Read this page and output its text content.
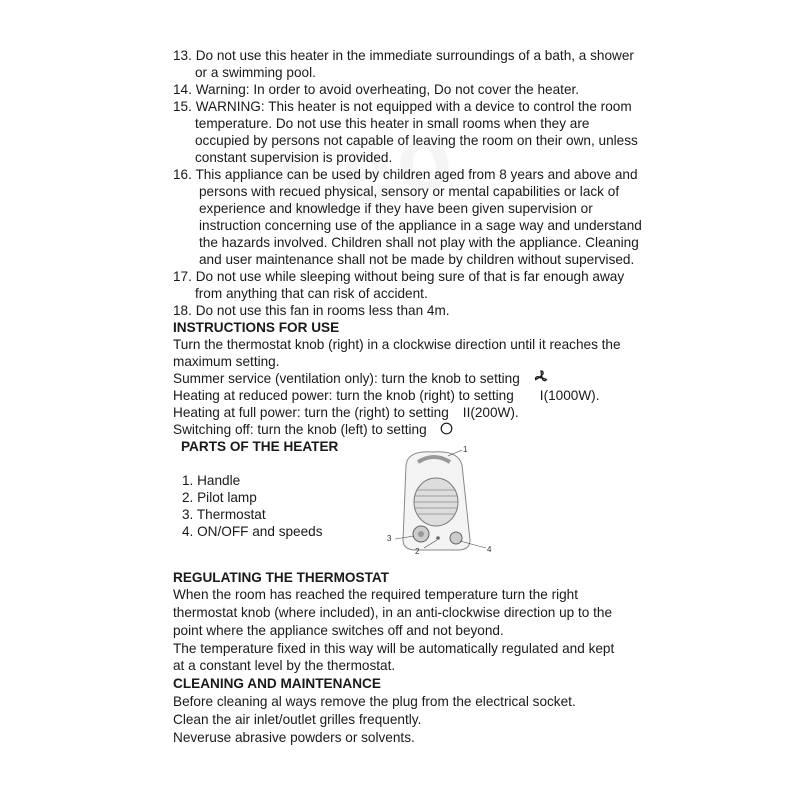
13. Do not use this heater in the immediate surroundings of a bath, a shower
or a swimming pool.
14. Warning: In order to avoid overheating, Do not cover the heater.
15. WARNING: This heater is not equipped with a device to control the room
temperature. Do not use this heater in small rooms when they are
occupied by persons not capable of leaving the room on their own, unless
constant supervision is provided.
16. This appliance can be used by children aged from 8 years and above and
persons with recued physical, sensory or mental capabilities or lack of
experience and knowledge if they have been given supervision or
instruction concerning use of the appliance in a sage way and understand
the hazards involved. Children shall not play with the appliance. Cleaning
and user maintenance shall not be made by children without supervised.
17. Do not use while sleeping without being sure of that is far enough away
from anything that can risk of accident.
18. Do not use this fan in rooms less than 4m.
INSTRUCTIONS FOR USE
Turn the thermostat knob (right) in a clockwise direction until it reaches the
maximum setting.
Summer service (ventilation only): turn the knob to setting
Heating at reduced power: turn the knob (right) to setting I(1000W).
Heating at full power: turn the (right) to setting II(200W).
Switching off: turn the knob (left) to setting
PARTS OF THE HEATER
1. Handle
2. Pilot lamp
3. Thermostat
4. ON/OFF and speeds
1
3
2	4
REGULATING THE THERMOSTAT
When the room has reached the required temperature turn the right
thermostat knob (where included), in an anti-clockwise direction up to the
point where the appliance switches off and not beyond.
The temperature fixed in this way will be automatically regulated and kept
at a constant level by the thermostat.
CLEANING AND MAINTENANCE
Before cleaning al ways remove the plug from the electrical socket.
Clean the air inlet/outlet grilles frequently.
Neveruse abrasive powders or solvents.
